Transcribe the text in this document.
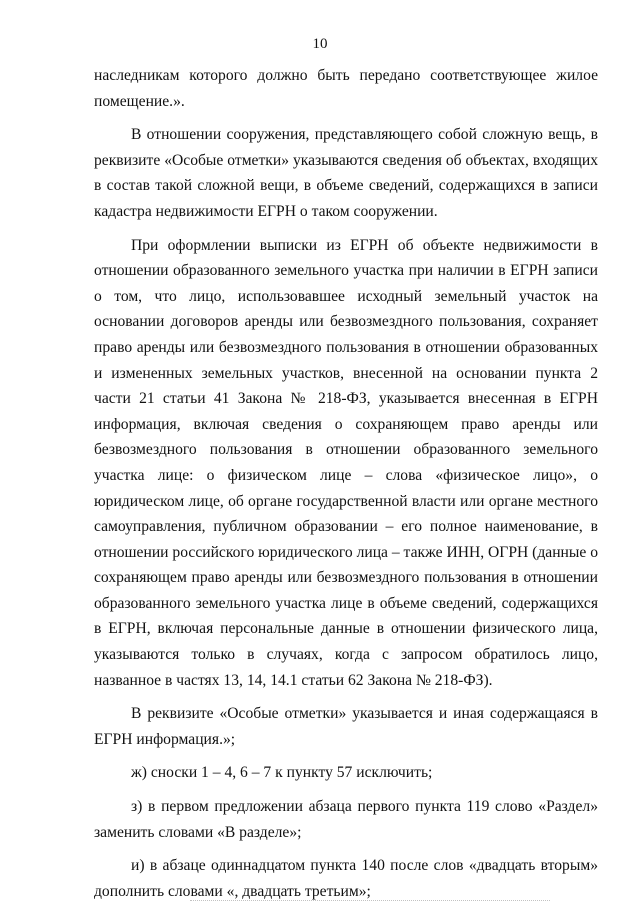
10

наследникам которого должно быть передано соответствующее жилое помещение.».

В отношении сооружения, представляющего собой сложную вещь, в реквизите «Особые отметки» указываются сведения об объектах, входящих в состав такой сложной вещи, в объеме сведений, содержащихся в записи кадастра недвижимости ЕГРН о таком сооружении.

При оформлении выписки из ЕГРН об объекте недвижимости в отношении образованного земельного участка при наличии в ЕГРН записи о том, что лицо, использовавшее исходный земельный участок на основании договоров аренды или безвозмездного пользования, сохраняет право аренды или безвозмездного пользования в отношении образованных и измененных земельных участков, внесенной на основании пункта 2 части 21 статьи 41 Закона № 218-ФЗ, указывается внесенная в ЕГРН информация, включая сведения о сохраняющем право аренды или безвозмездного пользования в отношении образованного земельного участка лице: о физическом лице – слова «физическое лицо», о юридическом лице, об органе государственной власти или органе местного самоуправления, публичном образовании – его полное наименование, в отношении российского юридического лица – также ИНН, ОГРН (данные о сохраняющем право аренды или безвозмездного пользования в отношении образованного земельного участка лице в объеме сведений, содержащихся в ЕГРН, включая персональные данные в отношении физического лица, указываются только в случаях, когда с запросом обратилось лицо, названное в частях 13, 14, 14.1 статьи 62 Закона № 218-ФЗ).

В реквизите «Особые отметки» указывается и иная содержащаяся в ЕГРН информация.»;

ж) сноски 1 – 4, 6 – 7 к пункту 57 исключить;

з) в первом предложении абзаца первого пункта 119 слово «Раздел» заменить словами «В разделе»;

и) в абзаце одиннадцатом пункта 140 после слов «двадцать вторым» дополнить словами «, двадцать третьим»;
